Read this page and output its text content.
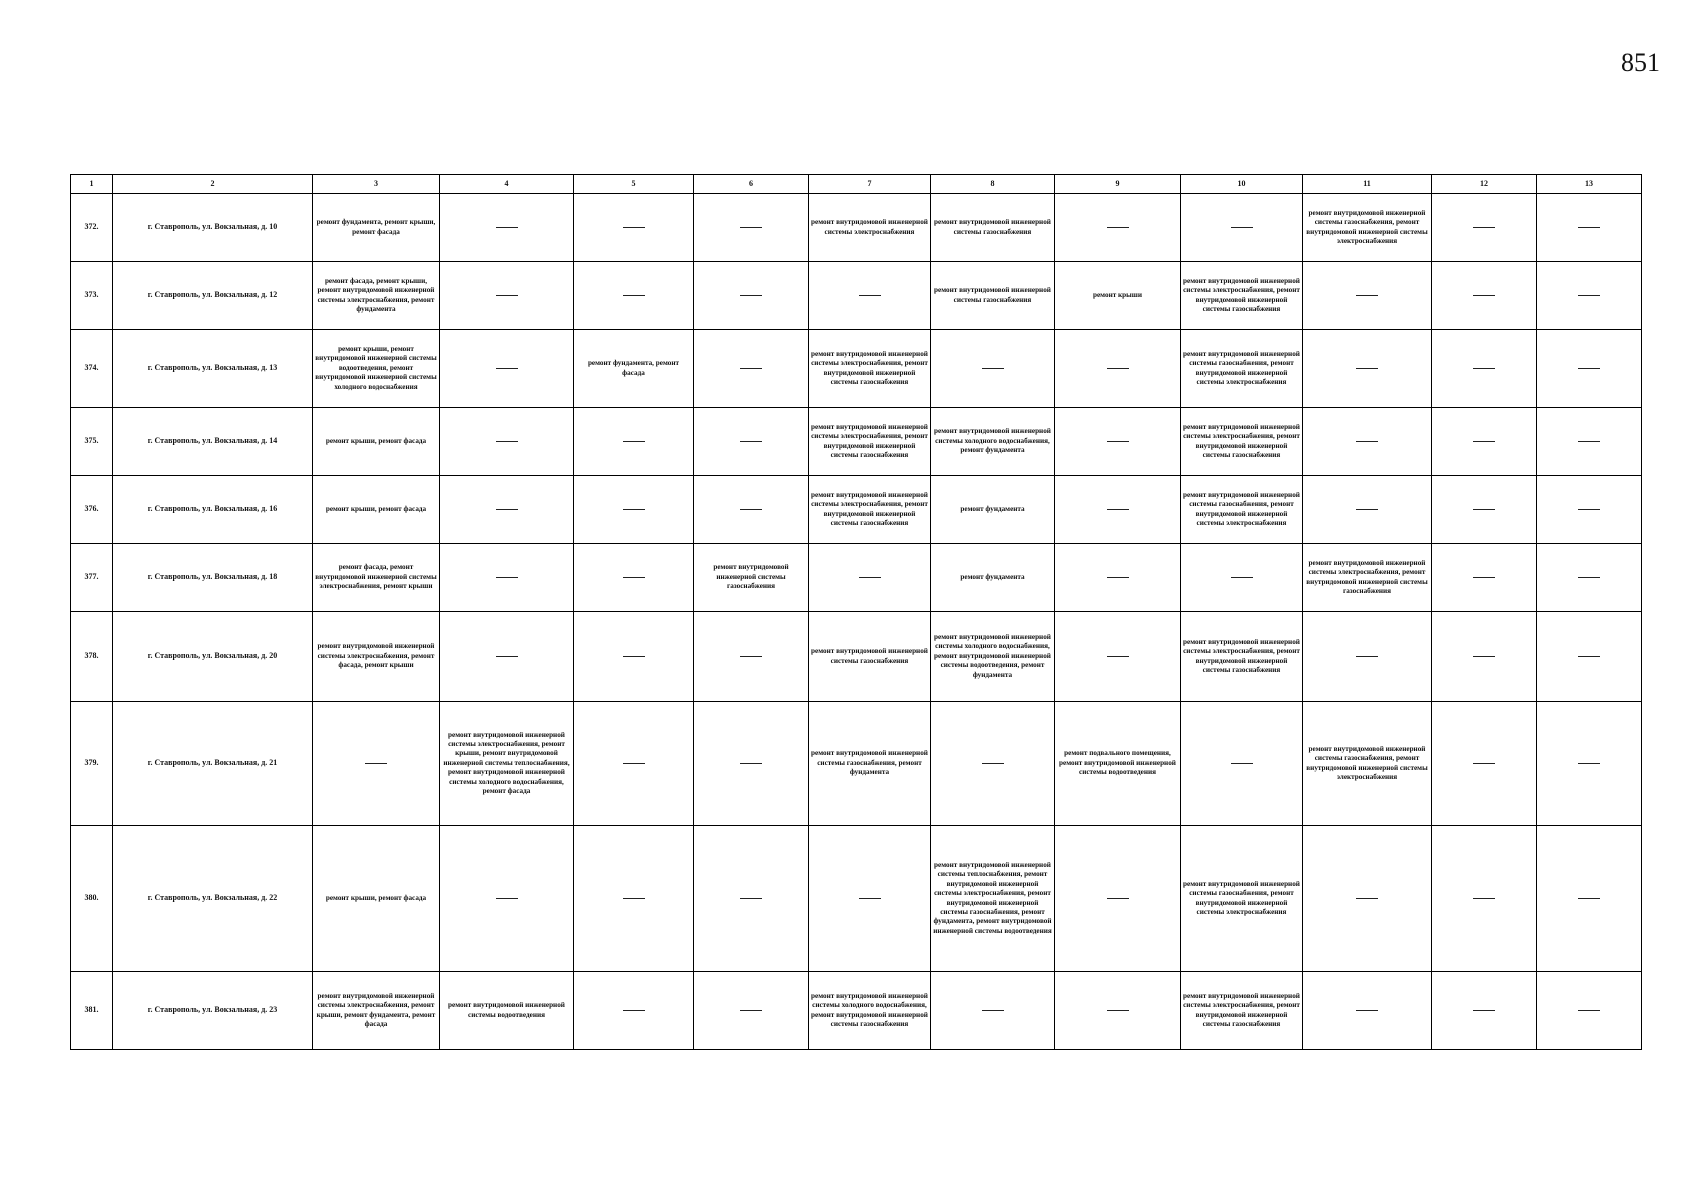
851
1	2	3	4	5	6	7	8	9	10	11	12	13
372.	г. Ставрополь, ул. Вокзальная, д. 10	ремонт фундамента, ремонт крыши, ремонт фасада				ремонт внутридомовой инженерной системы электроснабжения	ремонт внутридомовой инженерной системы газоснабжения			ремонт внутридомовой инженерной системы газоснабжения, ремонт внутридомовой инженерной системы электроснабжения		
373.	г. Ставрополь, ул. Вокзальная, д. 12	ремонт фасада, ремонт крыши, ремонт внутридомовой инженерной системы электроснабжения, ремонт фундамента					ремонт внутридомовой инженерной системы газоснабжения	ремонт крыши	ремонт внутридомовой инженерной системы электроснабжения, ремонт внутридомовой инженерной системы газоснабжения			
374.	г. Ставрополь, ул. Вокзальная, д. 13	ремонт крыши, ремонт внутридомовой инженерной системы водоотведения, ремонт внутридомовой инженерной системы холодного водоснабжения		ремонт фундамента, ремонт фасада		ремонт внутридомовой инженерной системы электроснабжения, ремонт внутридомовой инженерной системы газоснабжения			ремонт внутридомовой инженерной системы газоснабжения, ремонт внутридомовой инженерной системы электроснабжения			
375.	г. Ставрополь, ул. Вокзальная, д. 14	ремонт крыши, ремонт фасада				ремонт внутридомовой инженерной системы электроснабжения, ремонт внутридомовой инженерной системы газоснабжения	ремонт внутридомовой инженерной системы холодного водоснабжения, ремонт фундамента		ремонт внутридомовой инженерной системы электроснабжения, ремонт внутридомовой инженерной системы газоснабжения			
376.	г. Ставрополь, ул. Вокзальная, д. 16	ремонт крыши, ремонт фасада				ремонт внутридомовой инженерной системы электроснабжения, ремонт внутридомовой инженерной системы газоснабжения	ремонт фундамента		ремонт внутридомовой инженерной системы газоснабжения, ремонт внутридомовой инженерной системы электроснабжения			
377.	г. Ставрополь, ул. Вокзальная, д. 18	ремонт фасада, ремонт внутридомовой инженерной системы электроснабжения, ремонт крыши			ремонт внутридомовой инженерной системы газоснабжения		ремонт фундамента			ремонт внутридомовой инженерной системы электроснабжения, ремонт внутридомовой инженерной системы газоснабжения		
378.	г. Ставрополь, ул. Вокзальная, д. 20	ремонт внутридомовой инженерной системы электроснабжения, ремонт фасада, ремонт крыши				ремонт внутридомовой инженерной системы газоснабжения	ремонт внутридомовой инженерной системы холодного водоснабжения, ремонт внутридомовой инженерной системы водоотведения, ремонт фундамента		ремонт внутридомовой инженерной системы электроснабжения, ремонт внутридомовой инженерной системы газоснабжения			
379.	г. Ставрополь, ул. Вокзальная, д. 21		ремонт внутридомовой инженерной системы электроснабжения, ремонт крыши, ремонт внутридомовой инженерной системы теплоснабжения, ремонт внутридомовой инженерной системы холодного водоснабжения, ремонт фасада			ремонт внутридомовой инженерной системы газоснабжения, ремонт фундамента		ремонт подвального помещения, ремонт внутридомовой инженерной системы водоотведения		ремонт внутридомовой инженерной системы газоснабжения, ремонт внутридомовой инженерной системы электроснабжения		
380.	г. Ставрополь, ул. Вокзальная, д. 22	ремонт крыши, ремонт фасада					ремонт внутридомовой инженерной системы теплоснабжения, ремонт внутридомовой инженерной системы электроснабжения, ремонт внутридомовой инженерной системы газоснабжения, ремонт фундамента, ремонт внутридомовой инженерной системы водоотведения		ремонт внутридомовой инженерной системы газоснабжения, ремонт внутридомовой инженерной системы электроснабжения			
381.	г. Ставрополь, ул. Вокзальная, д. 23	ремонт внутридомовой инженерной системы электроснабжения, ремонт крыши, ремонт фундамента, ремонт фасада	ремонт внутридомовой инженерной системы водоотведения			ремонт внутридомовой инженерной системы холодного водоснабжения, ремонт внутридомовой инженерной системы газоснабжения			ремонт внутридомовой инженерной системы электроснабжения, ремонт внутридомовой инженерной системы газоснабжения			
